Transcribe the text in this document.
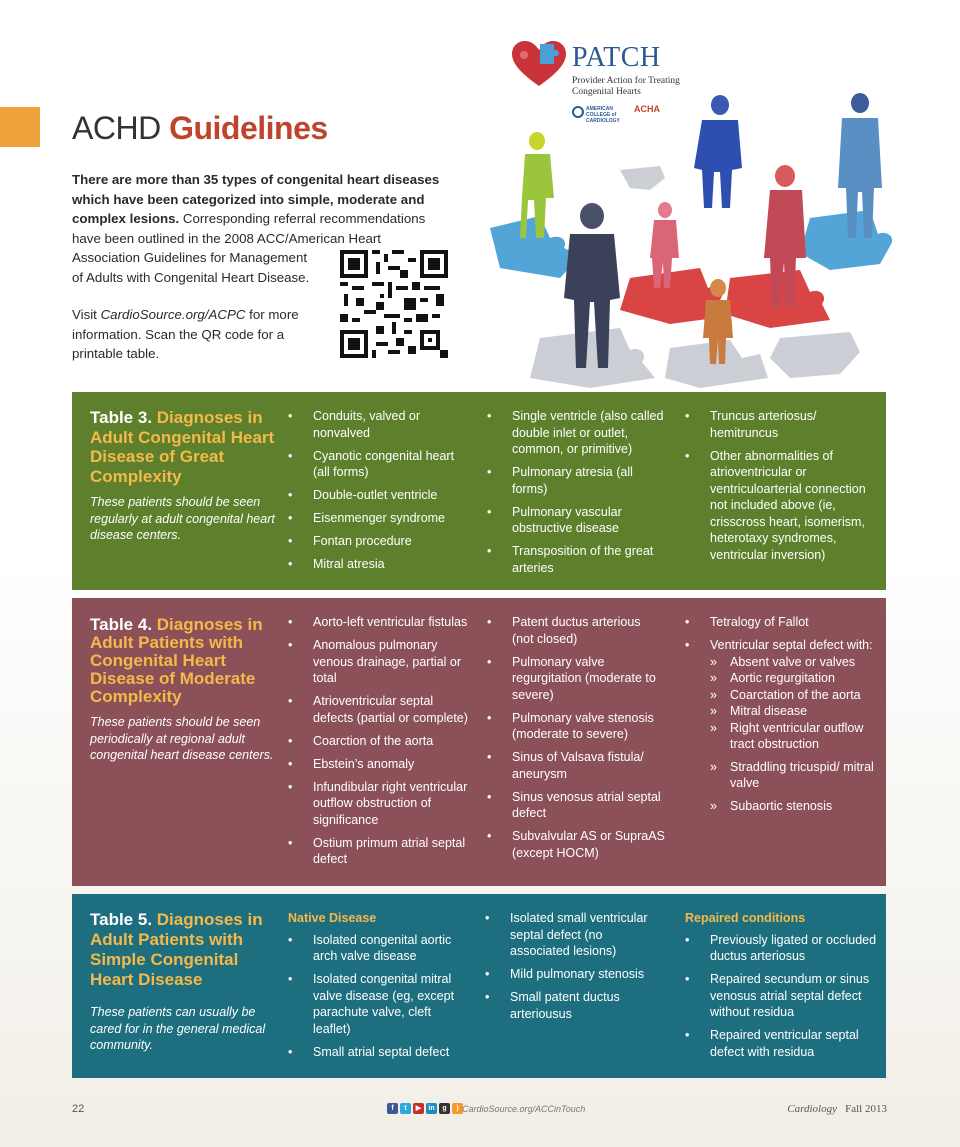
ACHD Guidelines

There are more than 35 types of congenital heart diseases which have been categorized into simple, moderate and complex lesions. Corresponding referral recommendations have been outlined in the 2008 ACC/American Heart

Association Guidelines for Management of Adults with Congenital Heart Disease.

Visit CardioSource.org/ACPC for more information. Scan the QR code for a printable table.
PATCH
Provider Action for Treating Congenital Hearts
AMERICAN COLLEGE of CARDIOLOGY
ACHA

Table 3. Diagnoses in Adult Congenital Heart Disease of Great Complexity

These patients should be seen regularly at adult congenital heart disease centers.
• Conduits, valved or nonvalved
• Cyanotic congenital heart (all forms)
• Double-outlet ventricle
• Eisenmenger syndrome
• Fontan procedure
• Mitral atresia
• Single ventricle (also called double inlet or outlet, common, or primitive)
• Pulmonary atresia (all forms)
• Pulmonary vascular obstructive disease
• Transposition of the great arteries
• Truncus arteriosus/ hemitruncus
• Other abnormalities of atrioventricular or ventriculoarterial connection not included above (ie, crisscross heart, isomerism, heterotaxy syndromes, ventricular inversion)

Table 4. Diagnoses in Adult Patients with Congenital Heart Disease of Moderate Complexity

These patients should be seen periodically at regional adult congenital heart disease centers.
• Aorto-left ventricular fistulas
• Anomalous pulmonary venous drainage, partial or total
• Atrioventricular septal defects (partial or complete)
• Coarction of the aorta
• Ebstein’s anomaly
• Infundibular right ventricular outflow obstruction of significance
• Ostium primum atrial septal defect
• Patent ductus arterious (not closed)
• Pulmonary valve regurgitation (moderate to severe)
• Pulmonary valve stenosis (moderate to severe)
• Sinus of Valsava fistula/ aneurysm
• Sinus venosus atrial septal defect
• Subvalvular AS or SupraAS (except HOCM)
• Tetralogy of Fallot
• Ventricular septal defect with:
» Absent valve or valves
» Aortic regurgitation
» Coarctation of the aorta
» Mitral disease
» Right ventricular outflow tract obstruction
» Straddling tricuspid/ mitral valve
» Subaortic stenosis

Table 5. Diagnoses in Adult Patients with Simple Congenital Heart Disease

These patients can usually be cared for in the general medical community.
Native Disease
• Isolated congenital aortic arch valve disease
• Isolated congenital mitral valve disease (eg, except parachute valve, cleft leaflet)
• Small atrial septal defect
• Isolated small ventricular septal defect (no associated lesions)
• Mild pulmonary stenosis
• Small patent ductus arteriousus
Repaired conditions
• Previously ligated or occluded ductus arteriosus
• Repaired secundum or sinus venosus atrial septal defect without residua
• Repaired ventricular septal defect with residua
22	f	t	▶	in	g	) CardioSource.org/ACCinTouch	Cardiology Fall 2013
